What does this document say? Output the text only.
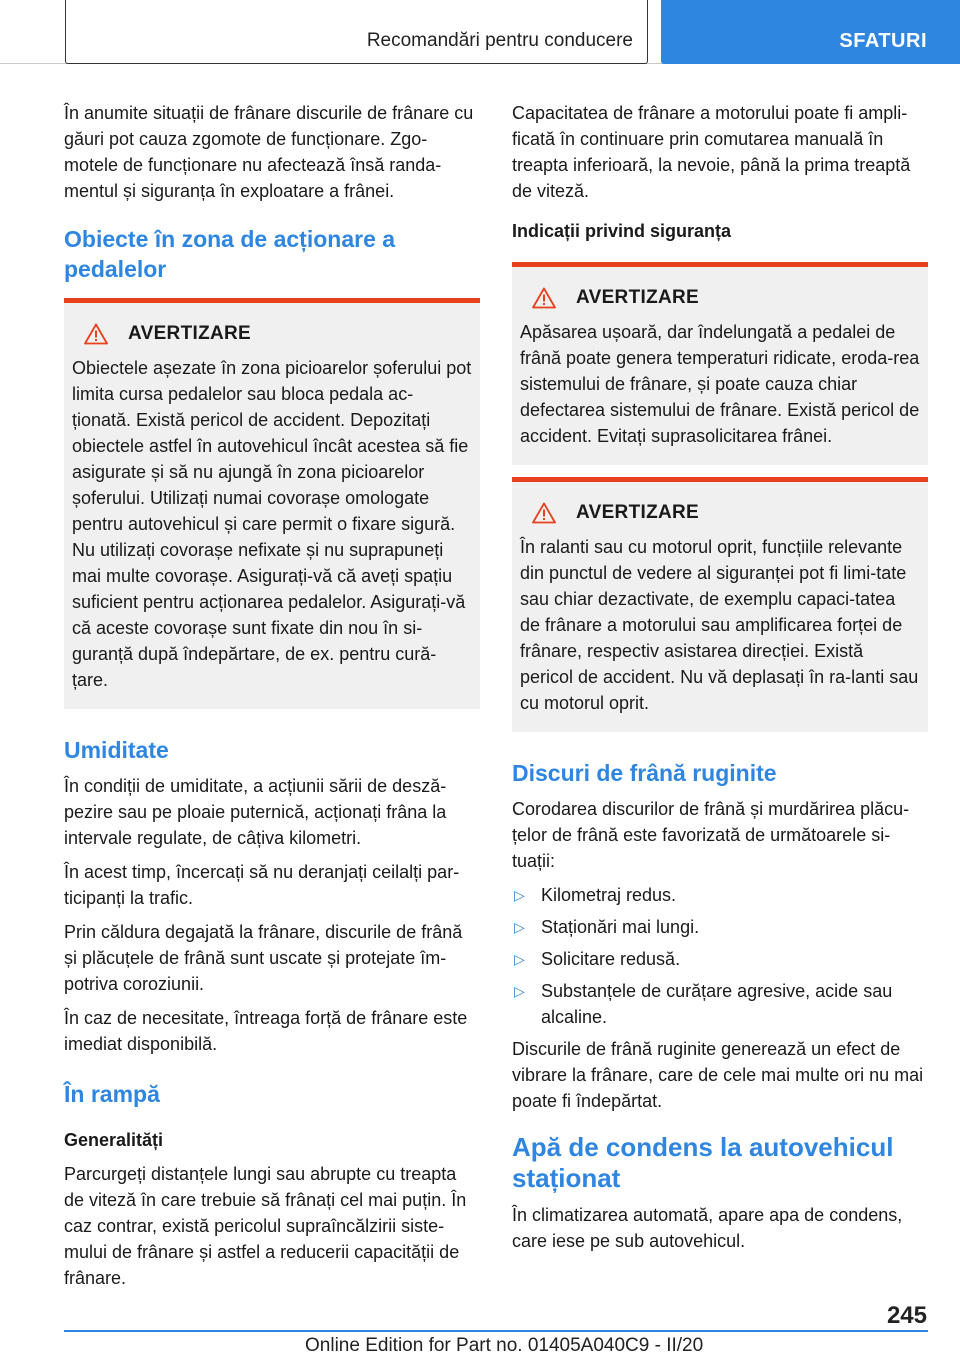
Recomandări pentru conducere	SFATURI

În anumite situații de frânare discurile de frânare cu găuri pot cauza zgomote de funcționare. Zgo-motele de funcționare nu afectează însă randa-mentul și siguranța în exploatare a frânei.

Obiecte în zona de acționare a pedalelor
AVERTIZARE

Obiectele așezate în zona picioarelor șoferului pot limita cursa pedalelor sau bloca pedala ac-ționată. Există pericol de accident. Depozitați obiectele astfel în autovehicul încât acestea să fie asigurate și să nu ajungă în zona picioarelor șoferului. Utilizați numai covorașe omologate pentru autovehicul și care permit o fixare sigură. Nu utilizați covorașe nefixate și nu suprapuneți mai multe covorașe. Asigurați-vă că aveți spațiu suficient pentru acționarea pedalelor. Asigurați-vă că aceste covorașe sunt fixate din nou în si-guranță după îndepărtare, de ex. pentru cură-țare.

Umiditate

În condiții de umiditate, a acțiunii sării de desză-pezire sau pe ploaie puternică, acționați frâna la intervale regulate, de câțiva kilometri.

În acest timp, încercați să nu deranjați ceilalți par-ticipanți la trafic.

Prin căldura degajată la frânare, discurile de frână și plăcuțele de frână sunt uscate și protejate îm-potriva coroziunii.

În caz de necesitate, întreaga forță de frânare este imediat disponibilă.

În rampă
Generalități

Parcurgeți distanțele lungi sau abrupte cu treapta de viteză în care trebuie să frânați cel mai puțin. În caz contrar, există pericolul supraîncălzirii siste-mului de frânare și astfel a reducerii capacității de frânare.

Capacitatea de frânare a motorului poate fi ampli-ficată în continuare prin comutarea manuală în treapta inferioară, la nevoie, până la prima treaptă de viteză.

Indicații privind siguranța
AVERTIZARE

Apăsarea ușoară, dar îndelungată a pedalei de frână poate genera temperaturi ridicate, eroda-rea sistemului de frânare, și poate cauza chiar defectarea sistemului de frânare. Există pericol de accident. Evitați suprasolicitarea frânei.

AVERTIZARE

În ralanti sau cu motorul oprit, funcțiile relevante din punctul de vedere al siguranței pot fi limi-tate sau chiar dezactivate, de exemplu capaci-tatea de frânare a motorului sau amplificarea forței de frânare, respectiv asistarea direcției. Există pericol de accident. Nu vă deplasați în ra-lanti sau cu motorul oprit.

Discuri de frână ruginite

Corodarea discurilor de frână și murdărirea plăcu-țelor de frână este favorizată de următoarele si-tuații:

▷ Kilometraj redus.
▷ Staționări mai lungi.
▷ Solicitare redusă.
▷ Substanțele de curățare agresive, acide sau alcaline.

Discurile de frână ruginite generează un efect de vibrare la frânare, care de cele mai multe ori nu mai poate fi îndepărtat.

Apă de condens la autovehicul staționat

În climatizarea automată, apare apa de condens, care iese pe sub autovehicul.

245
Online Edition for Part no. 01405A040C9 - II/20
